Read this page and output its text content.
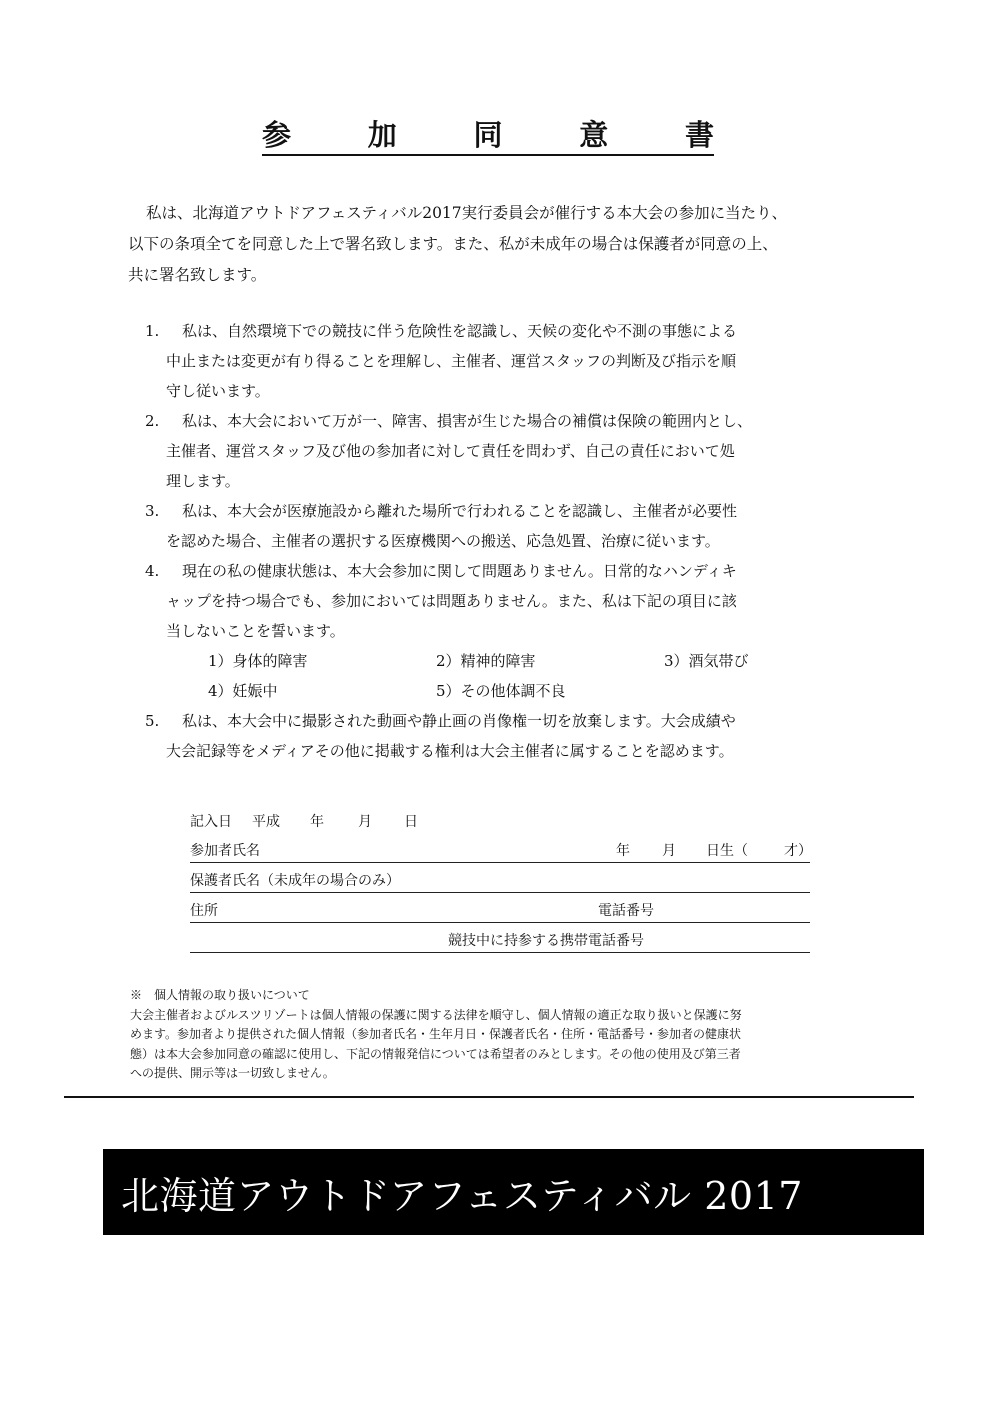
参	加	同	意	書

私は、北海道アウトドアフェスティバル2017実行委員会が催行する本大会の参加に当たり、

以下の条項全てを同意した上で署名致します。また、私が未成年の場合は保護者が同意の上、

共に署名致します。

1.	私は、自然環境下での競技に伴う危険性を認識し、天候の変化や不測の事態による

中止または変更が有り得ることを理解し、主催者、運営スタッフの判断及び指示を順

守し従います。

2.	私は、本大会において万が一、障害、損害が生じた場合の補償は保険の範囲内とし、

主催者、運営スタッフ及び他の参加者に対して責任を問わず、自己の責任において処

理します。

3.	私は、本大会が医療施設から離れた場所で行われることを認識し、主催者が必要性

を認めた場合、主催者の選択する医療機関への搬送、応急処置、治療に従います。

4.	現在の私の健康状態は、本大会参加に関して問題ありません。日常的なハンディキ

ャップを持つ場合でも、参加においては問題ありません。また、私は下記の項目に該

当しないことを誓います。

1）身体的障害	2）精神的障害	3）酒気帯び
4）妊娠中	5）その他体調不良
5.	私は、本大会中に撮影された動画や静止画の肖像権一切を放棄します。大会成績や

大会記録等をメディアその他に掲載する権利は大会主催者に属することを認めます。

記入日 平成 年 月 日
参加者氏名	年 月 日生（	才）
保護者氏名（未成年の場合のみ）
住所	電話番号
競技中に持参する携帯電話番号

※　個人情報の取り扱いについて

大会主催者およびルスツリゾートは個人情報の保護に関する法律を順守し、個人情報の適正な取り扱いと保護に努

めます。参加者より提供された個人情報（参加者氏名・生年月日・保護者氏名・住所・電話番号・参加者の健康状

態）は本大会参加同意の確認に使用し、下記の情報発信については希望者のみとします。その他の使用及び第三者

への提供、開示等は一切致しません。

北海道アウトドアフェスティバル 2017
